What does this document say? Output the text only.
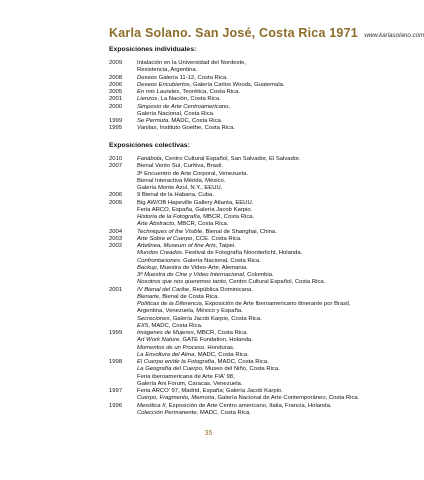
Karla Solano. San José, Costa Rica 1971 www.karlasolano.com
Exposiciones individuales:
2009	Intalación en la Universidad del Nordeste,
Resistencia, Argentina.
2008	Deseos Galería 11-12, Costa Rica.
2006	Deseos Encubiertos, Galería Carlos Woods, Guatemala.
2005	En mis Laureles, Teorética, Costa Rica.
2001	Lienzos, La Nación, Costa Rica.
2000	Simposio de Arte Centroamericano,
Galería Nacional, Costa Rica.
1999	Se Permuta, MADC, Costa Rica.
1995	Vanitas, Instituto Goethe, Costa Rica.
Exposiciones colectivas:
2010	Fanábola, Centro Cultural Español, San Salvador, El Salvador.
2007	Bienal Vento Sul, Curitiva, Brasil.
3ª Encuentro de Arte Corporal, Venezuela.
Bienal Interactiva Mérida, México.
Galería Monte Azul, N.Y., EEUU.
2006	9 Bienal de la Habana, Cuba.
2005	Big AW/OB Hapeville Gallery Atlanta, EEUU.
Feria ARCO, España, Galería Jacob Karpio.
Historia de la Fotografía, MBCR, Costa Rica.
Arte Abstracto, MBCR, Costa Rica.
2004	Techniques of the Visible, Bienal de Shanghai, China.
2003	Arte Sobre el Cuerpo, CCE. Costa Rica.
2002	Artelinea, Museum of fine Arts, Taipei.
Mundos Creados. Festival de Fotografía Noorderlicht, Holanda.
Confrontaciones. Galería Nacional, Costa Rica.
Backup, Muestra de Video-Arte, Alemania.
3ª Muestra de Cine y Video Internacional, Colombia.
Nosotros que nos queremos tanto, Centro Cultural Español, Costa Rica.
2001	IV Bienal del Caribe, República Dominicana.
Bienarte, Bienal de Costa Rica.
Políticas de la Diferencia, Exposición de Arte Iberoamericano itinerante por Brasil,
Argentina, Venezuela, México y España.
Secreciones, Galería Jacob Karpio, Costa Rica.
EX5, MADC, Costa Rica.
1999	Imágenes de Mujeres, MBCR, Costa Rica.
Art Work Nature, GATE Fundation, Holanda.
Momentos de un Proceso, Honduras.
La Envoltura del Alma, MADC, Costa Rica.
1998	El Cuerpo en/de la Fotografía, MADC, Costa Rica.
La Geografía del Cuerpo, Museo del Niño, Costa Rica.
Feria iberoamericana de Arte FIA' 98,
Galería Ani Forum, Caracas, Venezuela.
1997	Feria ARCO' 97, Madrid, España; Galería Jacob Karpio.
Cuerpo, Fragmento, Memoria, Galería Nacional de Arte Contemporáneo, Costa Rica.
1996	Mesótica II, Exposición de Arte Centro americano, Italia, Francia, Holanda.
Colección Permanente, MADC, Costa Rica.
35
